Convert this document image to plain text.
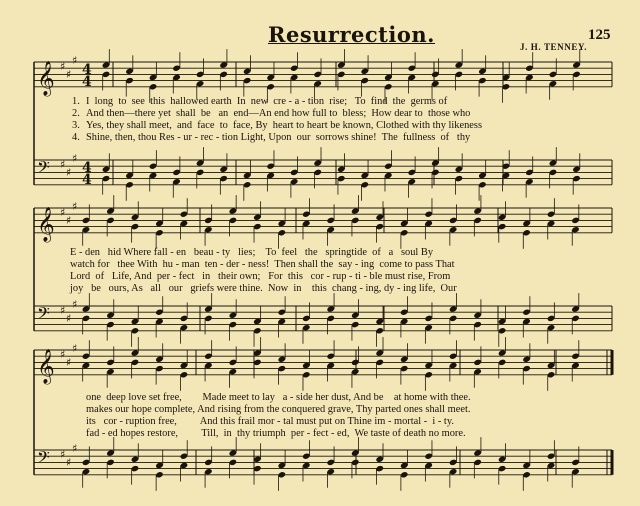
Resurrection.	125
J. H. TENNEY.
𝄞 ♯
♯
♯
4
4
𝄢 ♯
♯
♯
4
4
𝄞 ♯
♯
♯
𝄢 ♯
♯
♯
𝄞 ♯
♯
♯
𝄢 ♯
♯
♯
1. I  long  to  see  this  hallowed earth  In  new  cre - a - tion  rise;   To  find  the  germs of
2. And then—there yet  shall  be   an  end—An end how full to  bless;  How dear to  those who
3. Yes, they shall meet,  and  face  to  face, By  heart to heart be known, Clothed with thy likeness
4. Shine, then, thou Res - ur - rec - tion Light, Upon  our  sorrows shine!  The  fullness  of   thy
E - den   hid Where fall - en   beau - ty   lies;    To  feel   the   springtide  of   a   soul By
watch for   thee With  hu - man  ten - der - ness!  Then shall the  say - ing  come to pass That
Lord  of   Life, And  per - fect   in   their own;   For  this   cor - rup - ti - ble must rise, From
joy   be   ours, As   all   our   griefs were thine.  Now  in    this  chang - ing, dy - ing life,  Our
one  deep love set free,        Made meet to lay   a - side her dust, And be    at home with thee.
makes our hope complete, And rising from the conquered grave, Thy parted ones shall meet.
its   cor - ruption free,         And this frail mor - tal must put on Thine im - mortal -  i - ty.
fad - ed hopes restore,         Till,  in  thy triumph  per - fect - ed,  We taste of death no more.
